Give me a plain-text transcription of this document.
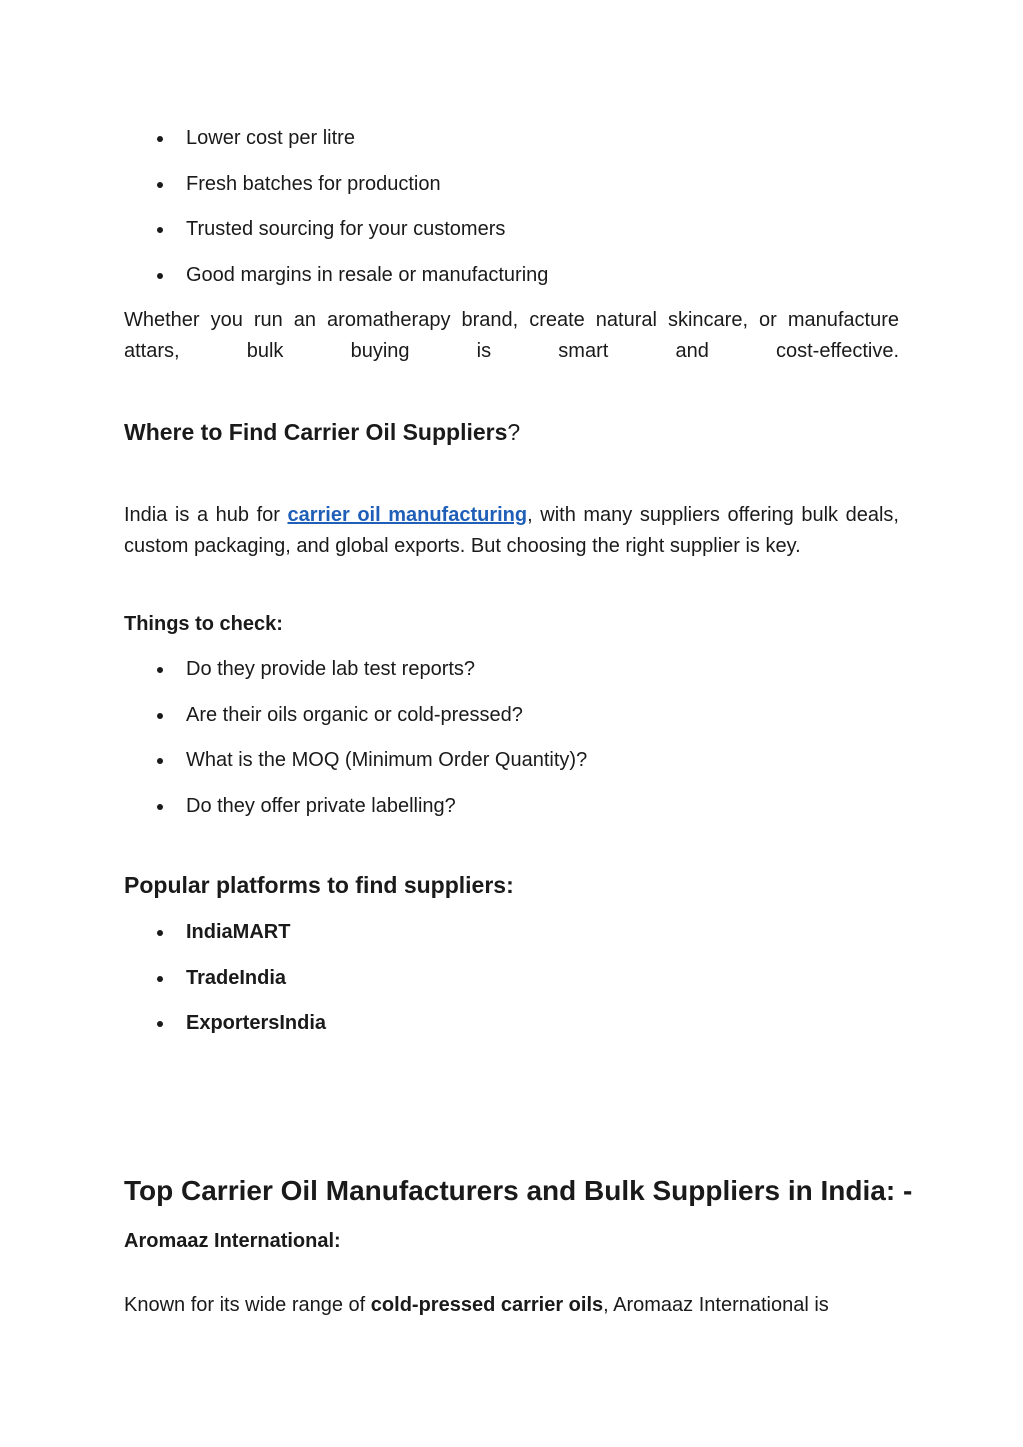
Lower cost per litre
Fresh batches for production
Trusted sourcing for your customers
Good margins in resale or manufacturing

Whether you run an aromatherapy brand, create natural skincare, or manufacture attars, bulk buying is smart and cost-effective.

Where to Find Carrier Oil Suppliers?

India is a hub for carrier oil manufacturing, with many suppliers offering bulk deals, custom packaging, and global exports. But choosing the right supplier is key.

Things to check:
Do they provide lab test reports?
Are their oils organic or cold-pressed?
What is the MOQ (Minimum Order Quantity)?
Do they offer private labelling?
Popular platforms to find suppliers:
IndiaMART
TradeIndia
ExportersIndia
Top Carrier Oil Manufacturers and Bulk Suppliers in India: -
Aromaaz International:

Known for its wide range of cold-pressed carrier oils, Aromaaz International is
